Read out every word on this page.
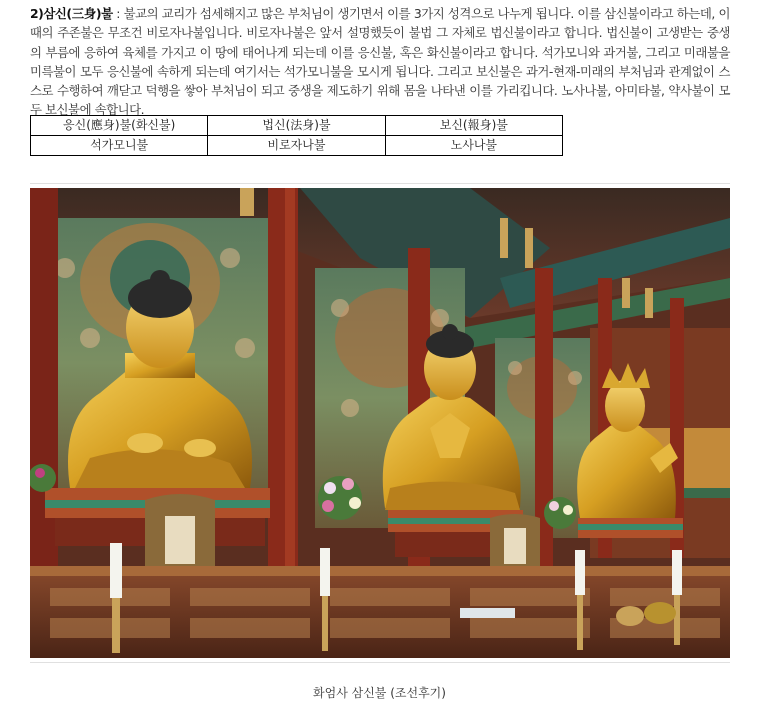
2)삼신(三身)불 : 불교의 교리가 섬세해지고 많은 부처님이 생기면서 이를 3가지 성격으로 나누게 됩니다. 이를 삼신불이라고 하는데, 이 때의 주존불은 무조건 비로자나불입니다. 비로자나불은 앞서 설명했듯이 불법 그 자체로 법신불이라고 합니다. 법신불이 고생받는 중생의 부름에 응하여 육체를 가지고 이 땅에 태어나게 되는데 이를 응신불, 혹은 화신불이라고 합니다. 석가모니와 과거불, 그리고 미래불을 미륵불이 모두 응신불에 속하게 되는데 여기서는 석가모니불을 모시게 됩니다. 그리고 보신불은 과거-현재-미래의 부처님과 관계없이 스스로 수행하여 깨닫고 덕행을 쌓아 부처님이 되고 중생을 제도하기 위해 몸을 나타낸 이를 가리킵니다. 노사나불, 아미타불, 약사불이 모두 보신불에 속합니다.

응신(應身)불(화신불)	법신(法身)불	보신(報身)불
석가모니불	비로자나불	노사나불
화엄사 삼신불 (조선후기)
